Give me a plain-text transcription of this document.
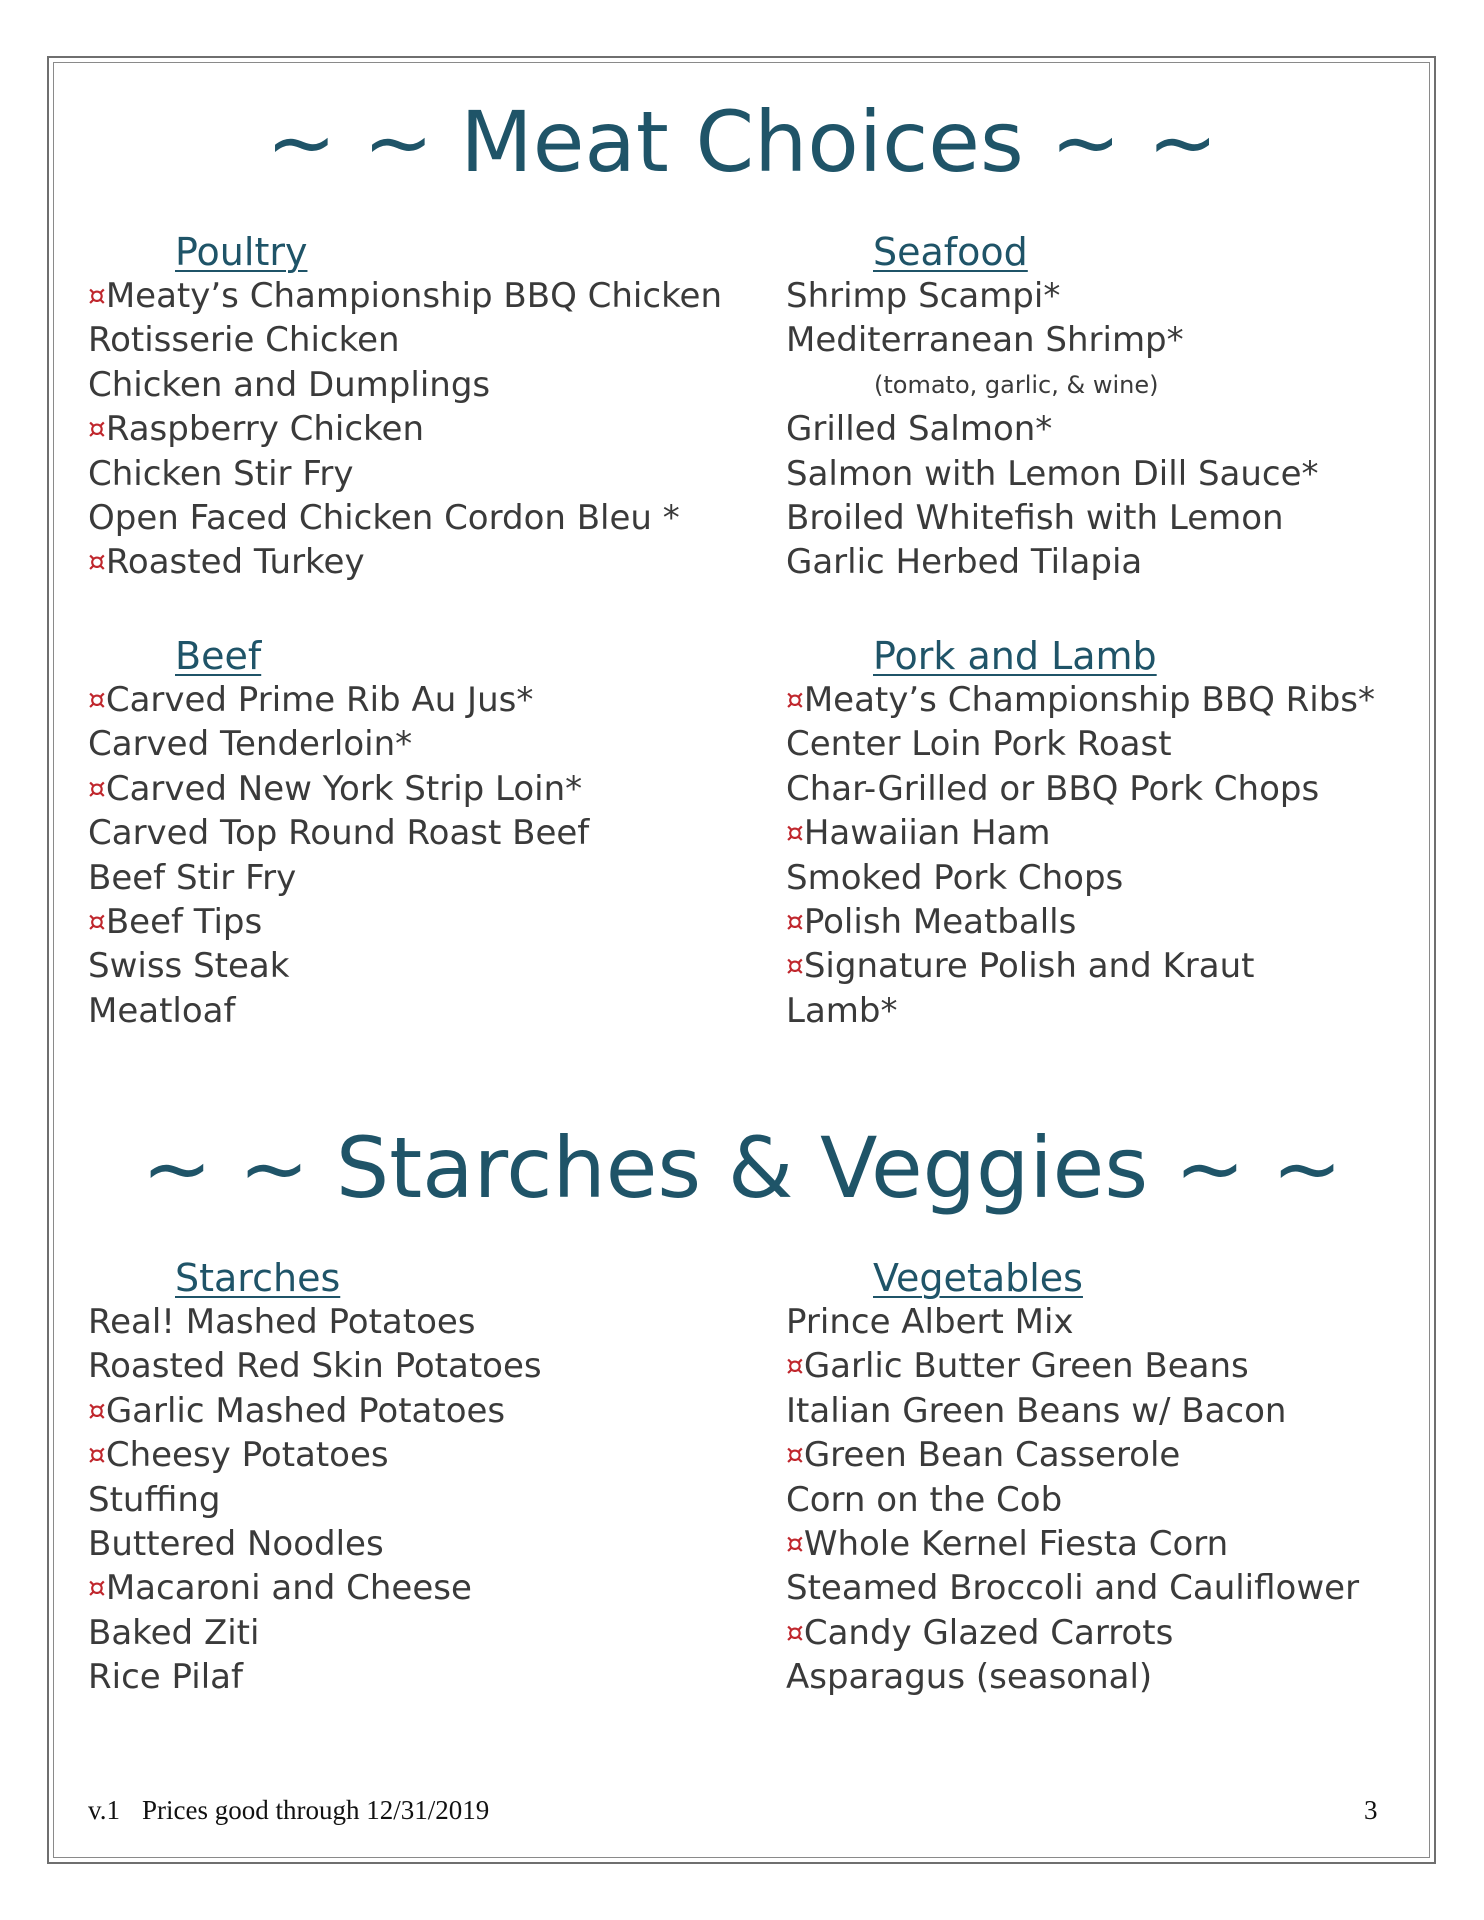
~ ~ Meat Choices ~ ~
Poultry
¤Meaty’s Championship BBQ Chicken
Rotisserie Chicken
Chicken and Dumplings
¤Raspberry Chicken
Chicken Stir Fry
Open Faced Chicken Cordon Bleu *
¤Roasted Turkey
Seafood
Shrimp Scampi*
Mediterranean Shrimp*
(tomato, garlic, & wine)
Grilled Salmon*
Salmon with Lemon Dill Sauce*
Broiled Whitefish with Lemon
Garlic Herbed Tilapia
Beef
¤Carved Prime Rib Au Jus*
Carved Tenderloin*
¤Carved New York Strip Loin*
Carved Top Round Roast Beef
Beef Stir Fry
¤Beef Tips
Swiss Steak
Meatloaf
Pork and Lamb
¤Meaty’s Championship BBQ Ribs*
Center Loin Pork Roast
Char-Grilled or BBQ Pork Chops
¤Hawaiian Ham
Smoked Pork Chops
¤Polish Meatballs
¤Signature Polish and Kraut
Lamb*
~ ~ Starches & Veggies ~ ~
Starches
Real! Mashed Potatoes
Roasted Red Skin Potatoes
¤Garlic Mashed Potatoes
¤Cheesy Potatoes
Stuffing
Buttered Noodles
¤Macaroni and Cheese
Baked Ziti
Rice Pilaf
Vegetables
Prince Albert Mix
¤Garlic Butter Green Beans
Italian Green Beans w/ Bacon
¤Green Bean Casserole
Corn on the Cob
¤Whole Kernel Fiesta Corn
Steamed Broccoli and Cauliflower
¤Candy Glazed Carrots
Asparagus (seasonal)
v.1 Prices good through 12/31/2019	3
